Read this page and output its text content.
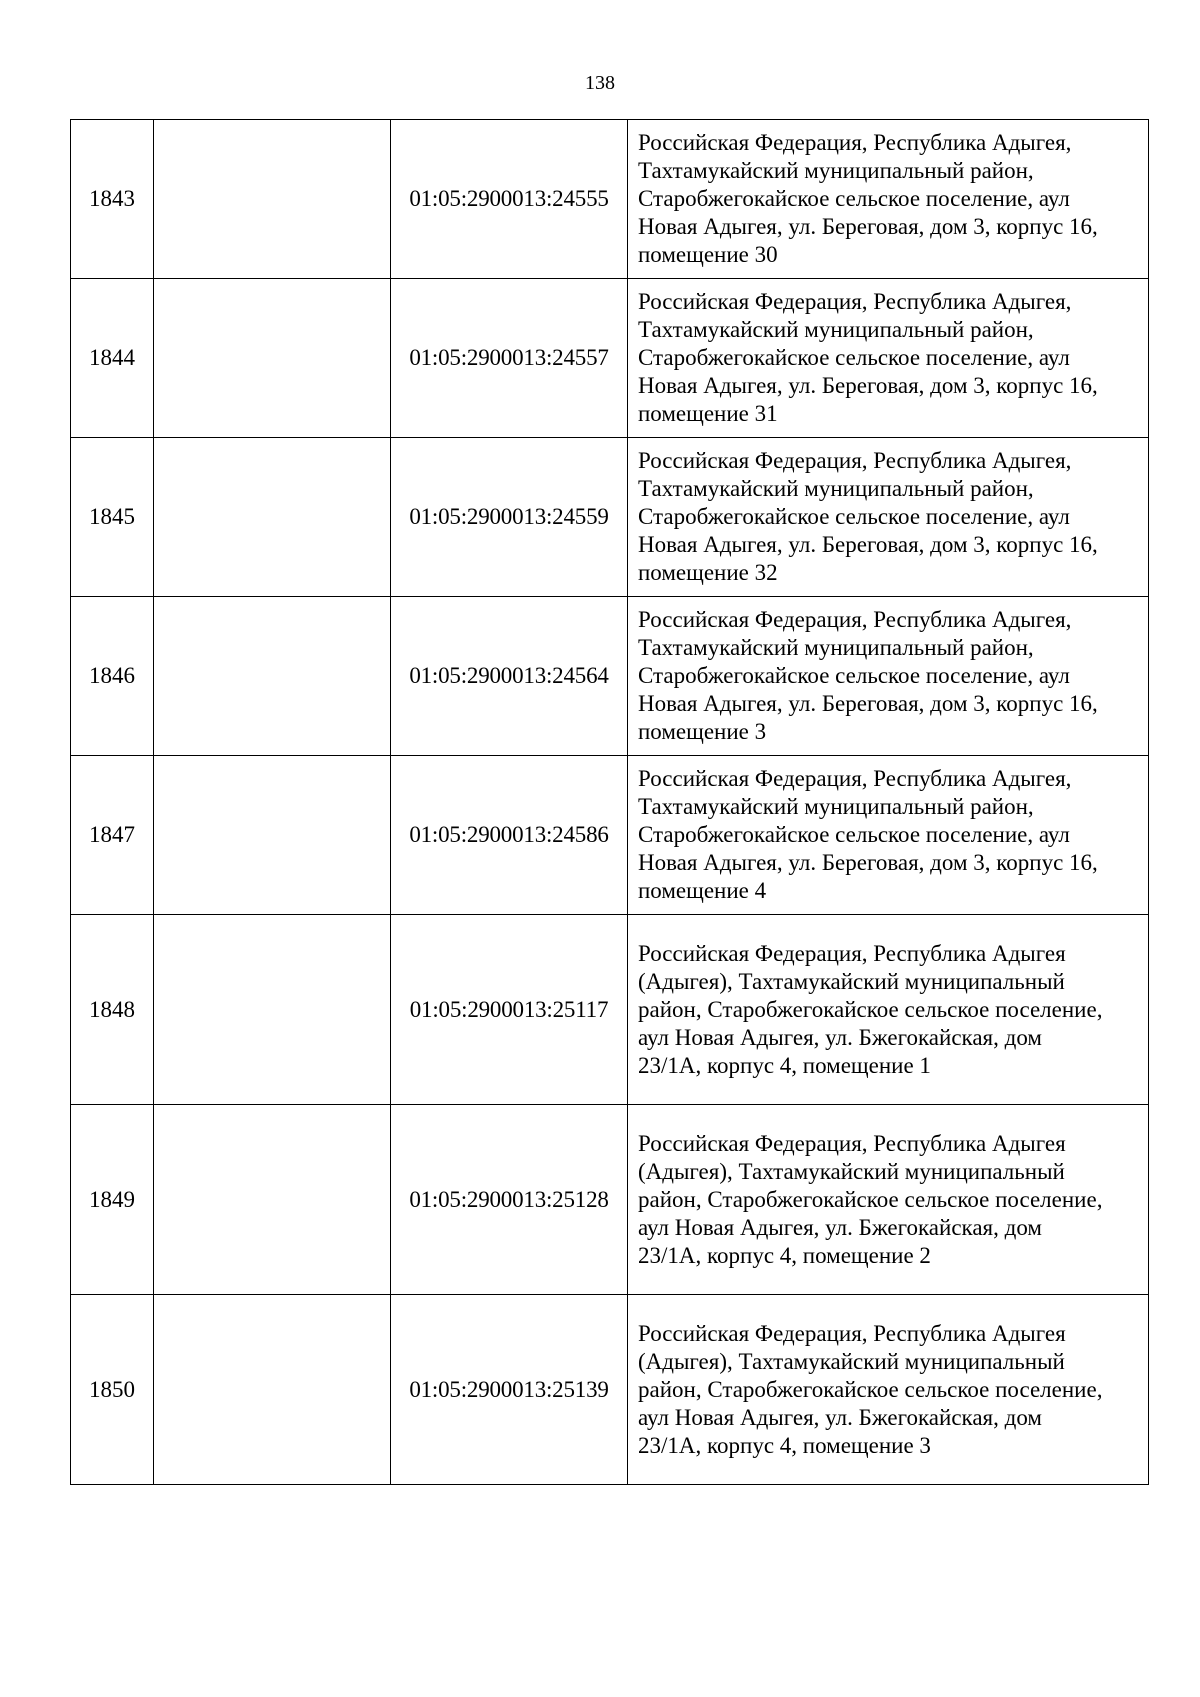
138
1843		01:05:2900013:24555	Российская Федерация, Республика Адыгея,
Тахтамукайский муниципальный район,
Старобжегокайское сельское поселение, аул
Новая Адыгея, ул. Береговая, дом 3, корпус 16,
помещение 30

1844		01:05:2900013:24557	Российская Федерация, Республика Адыгея,
Тахтамукайский муниципальный район,
Старобжегокайское сельское поселение, аул
Новая Адыгея, ул. Береговая, дом 3, корпус 16,
помещение 31

1845		01:05:2900013:24559	Российская Федерация, Республика Адыгея,
Тахтамукайский муниципальный район,
Старобжегокайское сельское поселение, аул
Новая Адыгея, ул. Береговая, дом 3, корпус 16,
помещение 32

1846		01:05:2900013:24564	Российская Федерация, Республика Адыгея,
Тахтамукайский муниципальный район,
Старобжегокайское сельское поселение, аул
Новая Адыгея, ул. Береговая, дом 3, корпус 16,
помещение 3

1847		01:05:2900013:24586	Российская Федерация, Республика Адыгея,
Тахтамукайский муниципальный район,
Старобжегокайское сельское поселение, аул
Новая Адыгея, ул. Береговая, дом 3, корпус 16,
помещение 4

1848		01:05:2900013:25117	Российская Федерация, Республика Адыгея
(Адыгея), Тахтамукайский муниципальный
район, Старобжегокайское сельское поселение,
аул Новая Адыгея, ул. Бжегокайская, дом
23/1А, корпус 4, помещение 1

1849		01:05:2900013:25128	Российская Федерация, Республика Адыгея
(Адыгея), Тахтамукайский муниципальный
район, Старобжегокайское сельское поселение,
аул Новая Адыгея, ул. Бжегокайская, дом
23/1А, корпус 4, помещение 2

1850		01:05:2900013:25139	Российская Федерация, Республика Адыгея
(Адыгея), Тахтамукайский муниципальный
район, Старобжегокайское сельское поселение,
аул Новая Адыгея, ул. Бжегокайская, дом
23/1А, корпус 4, помещение 3
